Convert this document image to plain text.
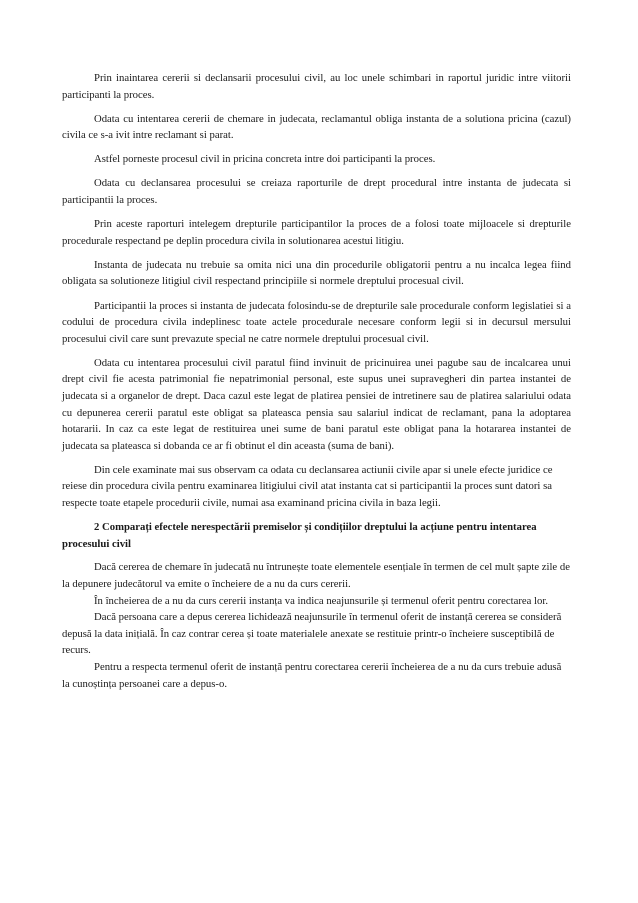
Prin inaintarea cererii si declansarii procesului civil, au loc unele schimbari in raportul juridic intre viitorii participanti la proces.

Odata cu intentarea cererii de chemare in judecata, reclamantul obliga instanta de a solutiona pricina (cazul) civila ce s-a ivit intre reclamant si parat.

Astfel porneste procesul civil in pricina concreta intre doi participanti la proces.

Odata cu declansarea procesului se creiaza raporturile de drept procedural intre instanta de judecata si participantii la proces.

Prin aceste raporturi intelegem drepturile participantilor la proces de a folosi toate mijloacele si drepturile procedurale respectand pe deplin procedura civila in solutionarea acestui litigiu.

Instanta de judecata nu trebuie sa omita nici una din procedurile obligatorii pentru a nu incalca legea fiind obligata sa solutioneze litigiul civil respectand principiile si normele dreptului procesual civil.

Participantii la proces si instanta de judecata folosindu-se de drepturile sale procedurale conform legislatiei si a codului de procedura civila indeplinesc toate actele procedurale necesare conform legii si in decursul mersului procesului civil care sunt prevazute special ne catre normele dreptului procesual civil.

Odata cu intentarea procesului civil paratul fiind invinuit de pricinuirea unei pagube sau de incalcarea unui drept civil fie acesta patrimonial fie nepatrimonial personal, este supus unei supravegheri din partea instantei de judecata si a organelor de drept. Daca cazul este legat de platirea pensiei de intretinere sau de platirea salariului odata cu depunerea cererii paratul este obligat sa plateasca pensia sau salariul indicat de reclamant, pana la adoptarea hotararii. In caz ca este legat de restituirea unei sume de bani paratul este obligat pana la hotararea instantei de judecata sa plateasca si dobanda ce ar fi obtinut el din aceasta (suma de bani).

Din cele examinate mai sus observam ca odata cu declansarea actiunii civile apar si unele efecte juridice ce reiese din procedura civila pentru examinarea litigiului civil atat instanta cat si participantii la proces sunt datori sa respecte toate etapele procedurii civile, numai asa examinand pricina civila in baza legii.

2 Comparați efectele nerespectării premiselor și condițiilor dreptului la acțiune pentru intentarea procesului civil

Dacă cererea de chemare în judecată nu întrunește toate elementele esențiale în termen de cel mult șapte zile de la depunere judecătorul va emite o încheiere de a nu da curs cererii.

În încheierea de a nu da curs cererii instanța va indica neajunsurile și termenul oferit pentru corectarea lor.

Dacă persoana care a depus cererea lichidează neajunsurile în termenul oferit de instanță cererea se consideră depusă la data inițială. În caz contrar cerea și toate materialele anexate se restituie printr-o încheiere susceptibilă de recurs.

Pentru a respecta termenul oferit de instanță pentru corectarea cererii încheierea de a nu da curs trebuie adusă la cunoștința persoanei care a depus-o.
